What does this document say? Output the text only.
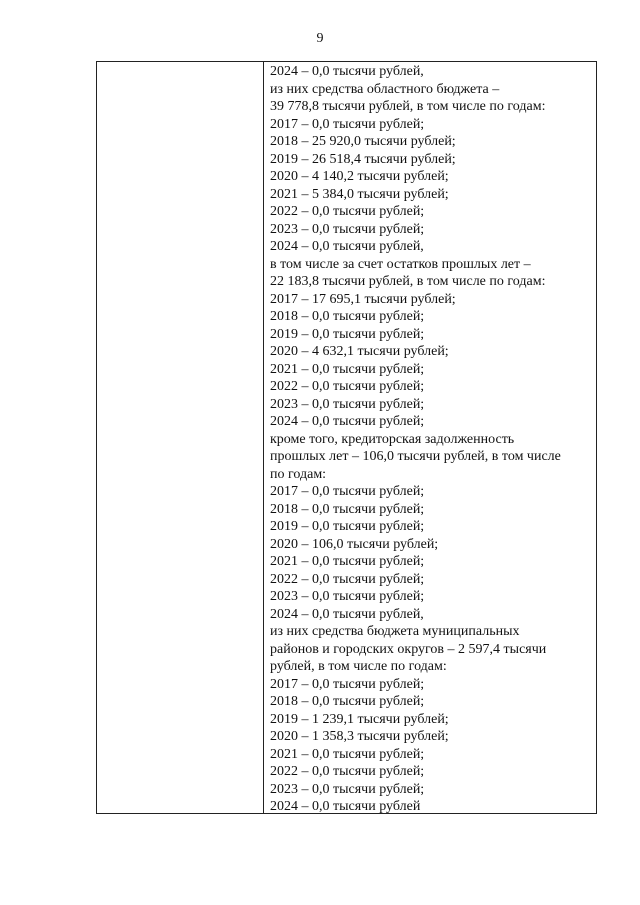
9
2024 – 0,0 тысячи рублей,
из них средства областного бюджета –
39 778,8 тысячи рублей, в том числе по годам:
2017 – 0,0 тысячи рублей;
2018 – 25 920,0 тысячи рублей;
2019 – 26 518,4 тысячи рублей;
2020 – 4 140,2 тысячи рублей;
2021 – 5 384,0 тысячи рублей;
2022 – 0,0 тысячи рублей;
2023 – 0,0 тысячи рублей;
2024 – 0,0 тысячи рублей,
в том числе за счет остатков прошлых лет –
22 183,8 тысячи рублей, в том числе по годам:
2017 – 17 695,1 тысячи рублей;
2018 – 0,0 тысячи рублей;
2019 – 0,0 тысячи рублей;
2020 – 4 632,1 тысячи рублей;
2021 – 0,0 тысячи рублей;
2022 – 0,0 тысячи рублей;
2023 – 0,0 тысячи рублей;
2024 – 0,0 тысячи рублей;
кроме того, кредиторская задолженность
прошлых лет – 106,0 тысячи рублей, в том числе
по годам:
2017 – 0,0 тысячи рублей;
2018 – 0,0 тысячи рублей;
2019 – 0,0 тысячи рублей;
2020 – 106,0 тысячи рублей;
2021 – 0,0 тысячи рублей;
2022 – 0,0 тысячи рублей;
2023 – 0,0 тысячи рублей;
2024 – 0,0 тысячи рублей,
из них средства бюджета муниципальных
районов и городских округов – 2 597,4 тысячи
рублей, в том числе по годам:
2017 – 0,0 тысячи рублей;
2018 – 0,0 тысячи рублей;
2019 – 1 239,1 тысячи рублей;
2020 – 1 358,3 тысячи рублей;
2021 – 0,0 тысячи рублей;
2022 – 0,0 тысячи рублей;
2023 – 0,0 тысячи рублей;
2024 – 0,0 тысячи рублей
